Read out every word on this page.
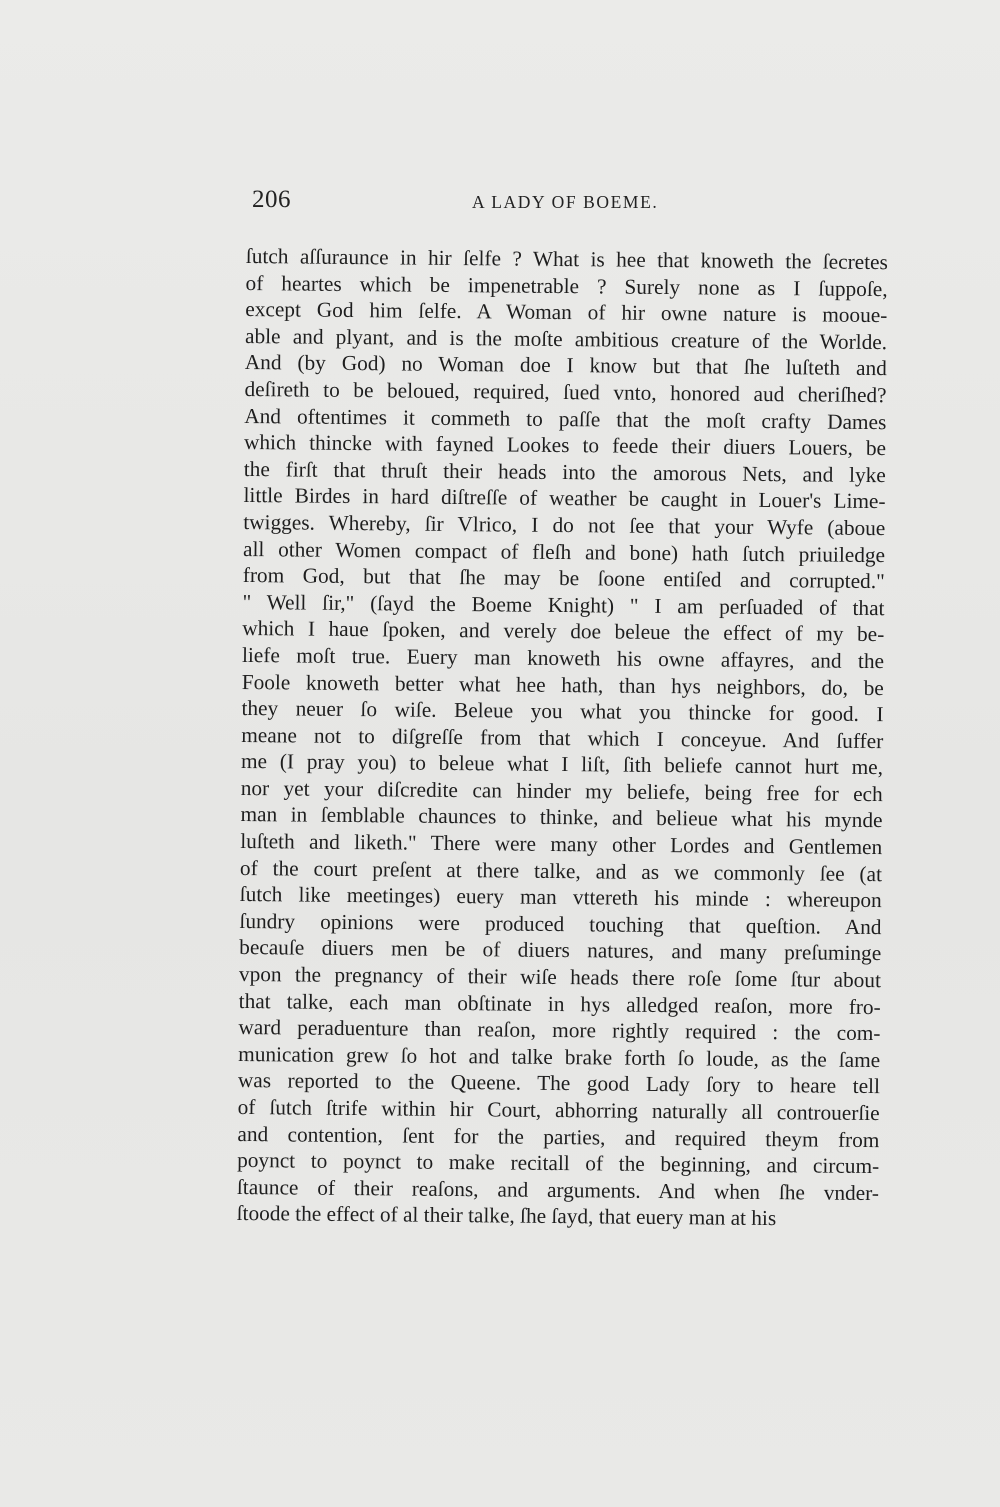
206	A LADY OF BOEME.
ſutch aſſuraunce in hir ſelfe ? What is hee that knoweth the ſecretes
of heartes which be impenetrable ? Surely none as I ſuppoſe,
except God him ſelfe. A Woman of hir owne nature is mooue-
able and plyant, and is the moſte ambitious creature of the Worlde.
And (by God) no Woman doe I know but that ſhe luſteth and
deſireth to be beloued, required, ſued vnto, honored aud cheriſhed?
And oftentimes it commeth to paſſe that the moſt crafty Dames
which thincke with fayned Lookes to feede their diuers Louers, be
the firſt that thruſt their heads into the amorous Nets, and lyke
little Birdes in hard diſtreſſe of weather be caught in Louer's Lime-
twigges. Whereby, ſir Vlrico, I do not ſee that your Wyfe (aboue
all other Women compact of fleſh and bone) hath ſutch priuiledge
from God, but that ſhe may be ſoone entiſed and corrupted."
" Well ſir," (ſayd the Boeme Knight) " I am perſuaded of that
which I haue ſpoken, and verely doe beleue the effect of my be-
liefe moſt true. Euery man knoweth his owne affayres, and the
Foole knoweth better what hee hath, than hys neighbors, do, be
they neuer ſo wiſe. Beleue you what you thincke for good. I
meane not to diſgreſſe from that which I conceyue. And ſuffer
me (I pray you) to beleue what I liſt, ſith beliefe cannot hurt me,
nor yet your diſcredite can hinder my beliefe, being free for ech
man in ſemblable chaunces to thinke, and belieue what his mynde
luſteth and liketh." There were many other Lordes and Gentlemen
of the court preſent at there talke, and as we commonly ſee (at
ſutch like meetinges) euery man vttereth his minde : whereupon
ſundry opinions were produced touching that queſtion. And
becauſe diuers men be of diuers natures, and many preſuminge
vpon the pregnancy of their wiſe heads there roſe ſome ſtur about
that talke, each man obſtinate in hys alledged reaſon, more fro-
ward peraduenture than reaſon, more rightly required : the com-
munication grew ſo hot and talke brake forth ſo loude, as the ſame
was reported to the Queene. The good Lady ſory to heare tell
of ſutch ſtrife within hir Court, abhorring naturally all controuerſie
and contention, ſent for the parties, and required theym from
poynct to poynct to make recitall of the beginning, and circum-
ſtaunce of their reaſons, and arguments. And when ſhe vnder-
ſtoode the effect of al their talke, ſhe ſayd, that euery man at his
